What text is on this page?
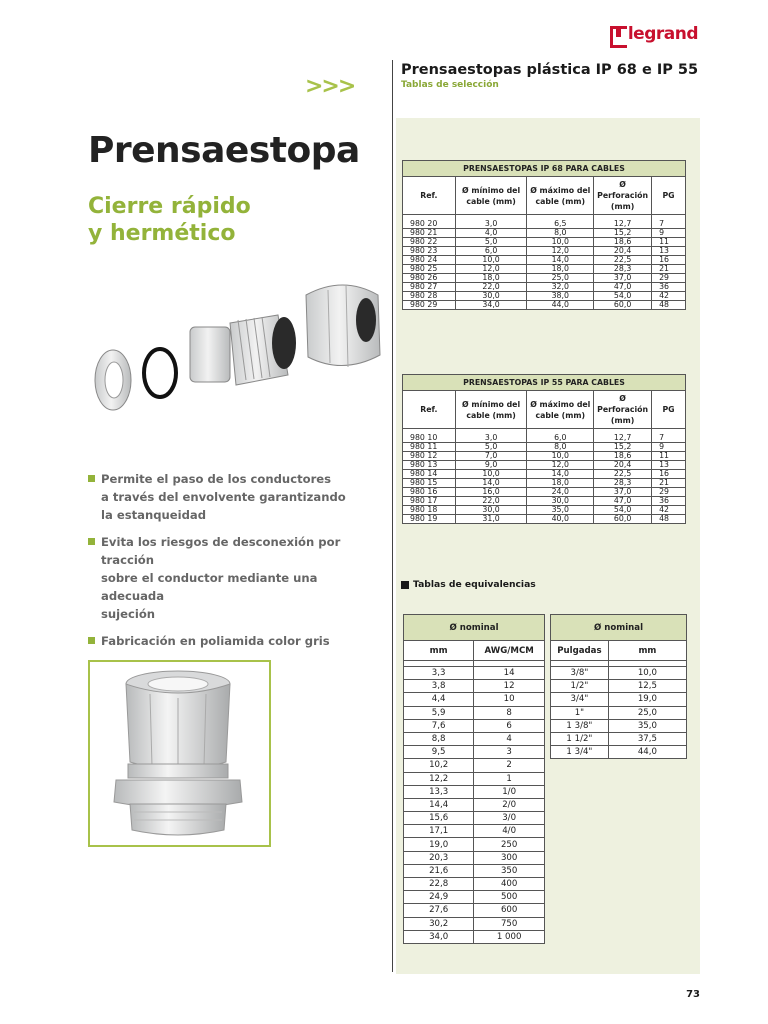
legrand
>>>
Prensaestopa
Cierre rápido
y hermético
Permite el paso de los conductores
a través del envolvente garantizando
la estanqueidad
Evita los riesgos de desconexión por tracción
sobre el conductor mediante una adecuada
sujeción
Fabricación en poliamida color gris
Prensaestopas plástica IP 68 e IP 55
Tablas de selección
PRENSAESTOPAS IP 68 PARA CABLES				
Ref.	Ø mínimo del cable (mm)	Ø máximo del cable (mm)	Ø Perforación (mm)	PG

980 20	3,0	6,5	12,7	7
980 21	4,0	8,0	15,2	9
980 22	5,0	10,0	18,6	11
980 23	6,0	12,0	20,4	13
980 24	10,0	14,0	22,5	16
980 25	12,0	18,0	28,3	21
980 26	18,0	25,0	37,0	29
980 27	22,0	32,0	47,0	36
980 28	30,0	38,0	54,0	42
980 29	34,0	44,0	60,0	48
PRENSAESTOPAS IP 55 PARA CABLES				
Ref.	Ø mínimo del cable (mm)	Ø máximo del cable (mm)	Ø Perforación (mm)	PG

980 10	3,0	6,0	12,7	7
980 11	5,0	8,0	15,2	9
980 12	7,0	10,0	18,6	11
980 13	9,0	12,0	20,4	13
980 14	10,0	14,0	22,5	16
980 15	14,0	18,0	28,3	21
980 16	16,0	24,0	37,0	29
980 17	22,0	30,0	47,0	36
980 18	30,0	35,0	54,0	42
980 19	31,0	40,0	60,0	48
Tablas de equivalencias
Ø nominal	
mm	AWG/MCM

3,3	14
3,8	12
4,4	10
5,9	8
7,6	6
8,8	4
9,5	3
10,2	2
12,2	1
13,3	1/0
14,4	2/0
15,6	3/0
17,1	4/0
19,0	250
20,3	300
21,6	350
22,8	400
24,9	500
27,6	600
30,2	750
34,0	1 000
Ø nominal	
Pulgadas	mm

3/8"	10,0
1/2"	12,5
3/4"	19,0
1"	25,0
1 3/8"	35,0
1 1/2"	37,5
1 3/4"	44,0
73
